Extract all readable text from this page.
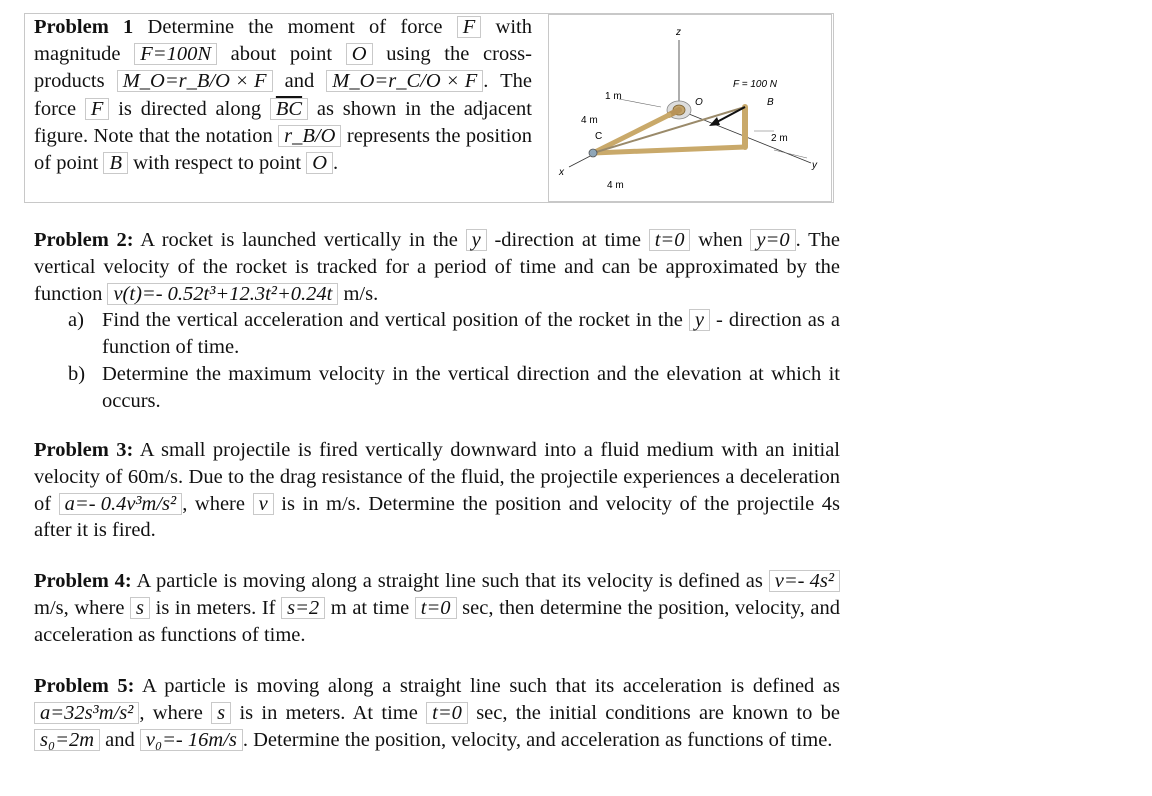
Problem 1 Determine the moment of force F with magnitude F=100N about point O using the cross-products M_O=r_B/O × F and M_O=r_C/O × F . The force F is directed along $\overline{BC}$ as shown in the adjacent figure. Note that the notation r_B/O represents the position of point B with respect to point O .
z
x
y
F = 100 N
B
O
C
1 m
4 m
4 m
2 m
Problem 2: A rocket is launched vertically in the y -direction at time t=0 when y=0 . The vertical velocity of the rocket is tracked for a period of time and can be approximated by the function v(t)=- 0.52t³+12.3t²+0.24t m/s.
a) Find the vertical acceleration and vertical position of the rocket in the y - direction as a function of time.
b) Determine the maximum velocity in the vertical direction and the elevation at which it occurs.
Problem 3: A small projectile is fired vertically downward into a fluid medium with an initial velocity of 60m/s. Due to the drag resistance of the fluid, the projectile experiences a deceleration of a=- 0.4v³m/s² , where v is in m/s. Determine the position and velocity of the projectile 4s after it is fired.
Problem 4: A particle is moving along a straight line such that its velocity is defined as v=- 4s² m/s, where s is in meters. If s=2 m at time t=0 sec, then determine the position, velocity, and acceleration as functions of time.
Problem 5: A particle is moving along a straight line such that its acceleration is defined as a=32s³m/s² , where s is in meters. At time t=0 sec, the initial conditions are known to be s₀=2m and v₀=- 16m/s . Determine the position, velocity, and acceleration as functions of time.
